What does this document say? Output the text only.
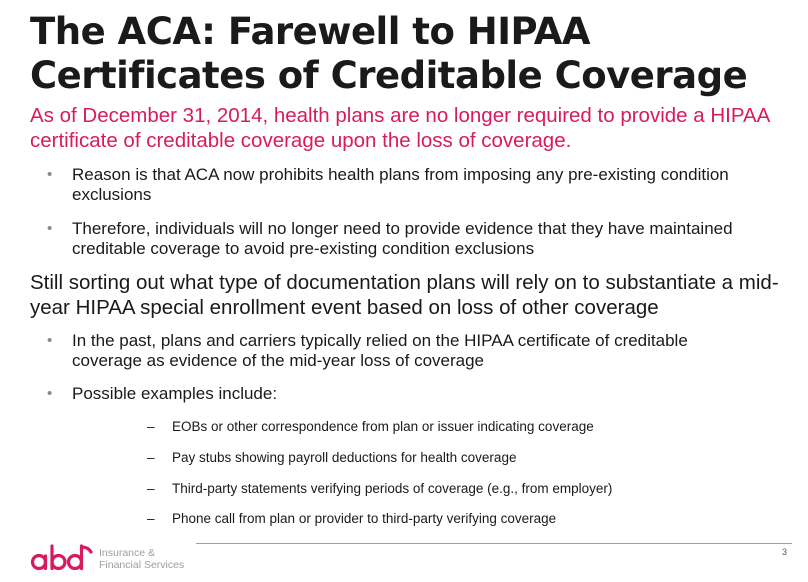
The ACA: Farewell to HIPAA
Certificates of Creditable Coverage

As of December 31, 2014, health plans are no longer required to provide a HIPAA certificate of creditable coverage upon the loss of coverage.

• Reason is that ACA now prohibits health plans from imposing any pre-existing condition exclusions
• Therefore, individuals will no longer need to provide evidence that they have maintained creditable coverage to avoid pre-existing condition exclusions

Still sorting out what type of documentation plans will rely on to substantiate a mid-year HIPAA special enrollment event based on loss of other coverage

• In the past, plans and carriers typically relied on the HIPAA certificate of creditable coverage as evidence of the mid-year loss of coverage
• Possible examples include:
– EOBs or other correspondence from plan or issuer indicating coverage
– Pay stubs showing payroll deductions for health coverage
– Third-party statements verifying periods of coverage (e.g., from employer)
– Phone call from plan or provider to third-party verifying coverage
Insurance &
Financial Services
3
